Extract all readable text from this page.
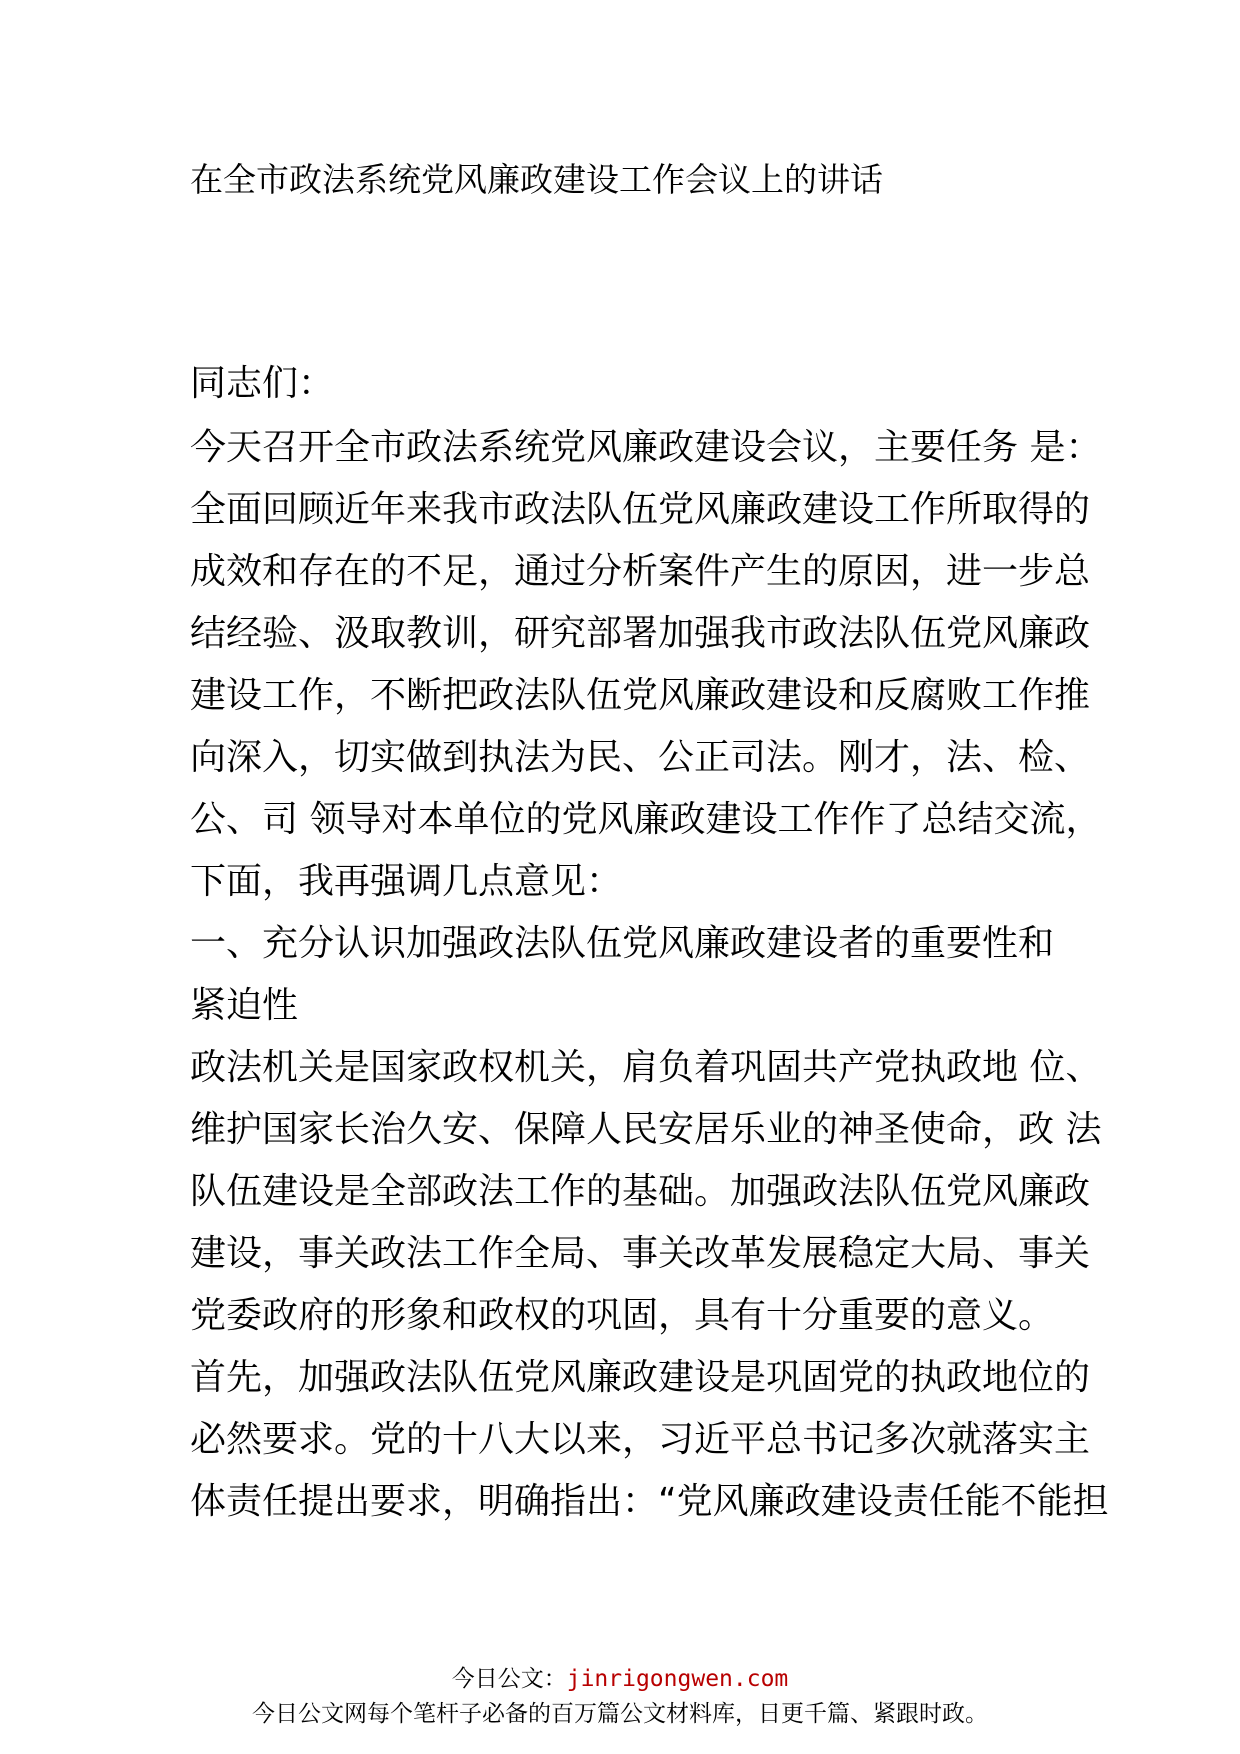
在全市政法系统党风廉政建设工作会议上的讲话
同志们：
今天召开全市政法系统党风廉政建设会议，主要任务 是：
全面回顾近年来我市政法队伍党风廉政建设工作所取得的
成效和存在的不足，通过分析案件产生的原因，进一步总
结经验、汲取教训，研究部署加强我市政法队伍党风廉政
建设工作，不断把政法队伍党风廉政建设和反腐败工作推
向深入，切实做到执法为民、公正司法。刚才，法、检、
公、司 领导对本单位的党风廉政建设工作作了总结交流，
下面，我再强调几点意见：
一、充分认识加强政法队伍党风廉政建设者的重要性和
紧迫性
政法机关是国家政权机关，肩负着巩固共产党执政地 位、
维护国家长治久安、保障人民安居乐业的神圣使命，政 法
队伍建设是全部政法工作的基础。加强政法队伍党风廉政
建设，事关政法工作全局、事关改革发展稳定大局、事关
党委政府的形象和政权的巩固，具有十分重要的意义。
首先，加强政法队伍党风廉政建设是巩固党的执政地位的
必然要求。党的十八大以来，习近平总书记多次就落实主
体责任提出要求，明确指出：“党风廉政建设责任能不能担
今日公文：jinrigongwen.com
今日公文网每个笔杆子必备的百万篇公文材料库，日更千篇、紧跟时政。
